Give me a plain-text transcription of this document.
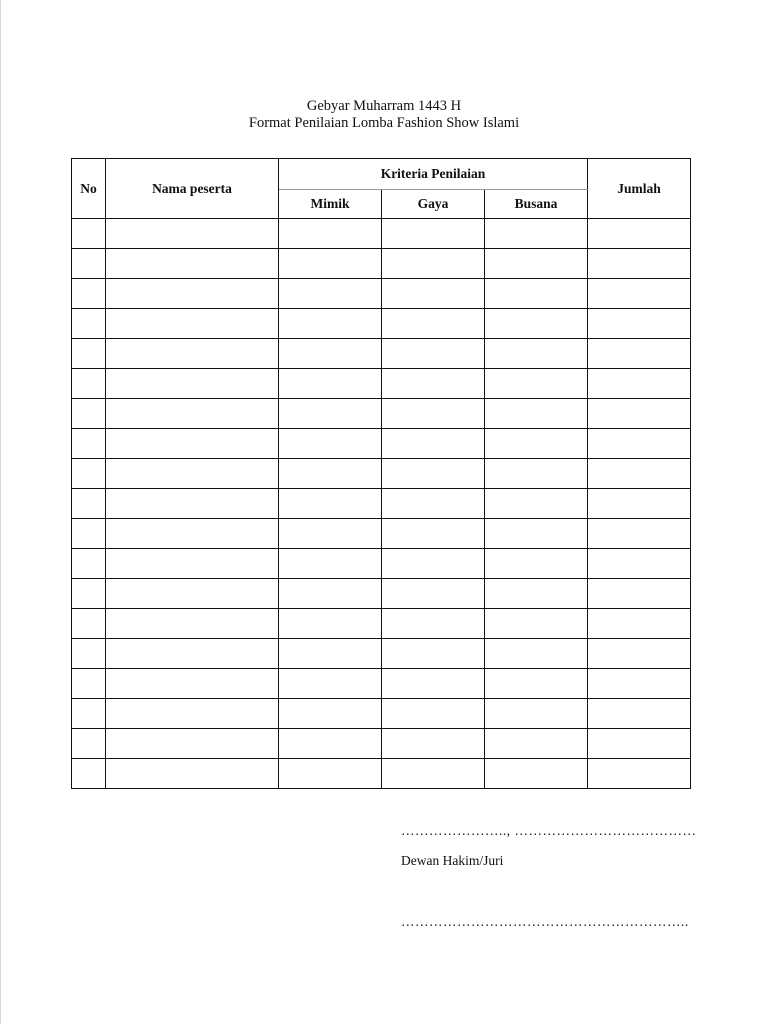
Gebyar Muharram 1443 H
Format Penilaian Lomba Fashion Show Islami
No	Nama peserta	Kriteria Penilaian			Jumlah
		Mimik	Gaya	Busana	

………………….., …………………………………
Dewan Hakim/Juri
……………………………………………………..
